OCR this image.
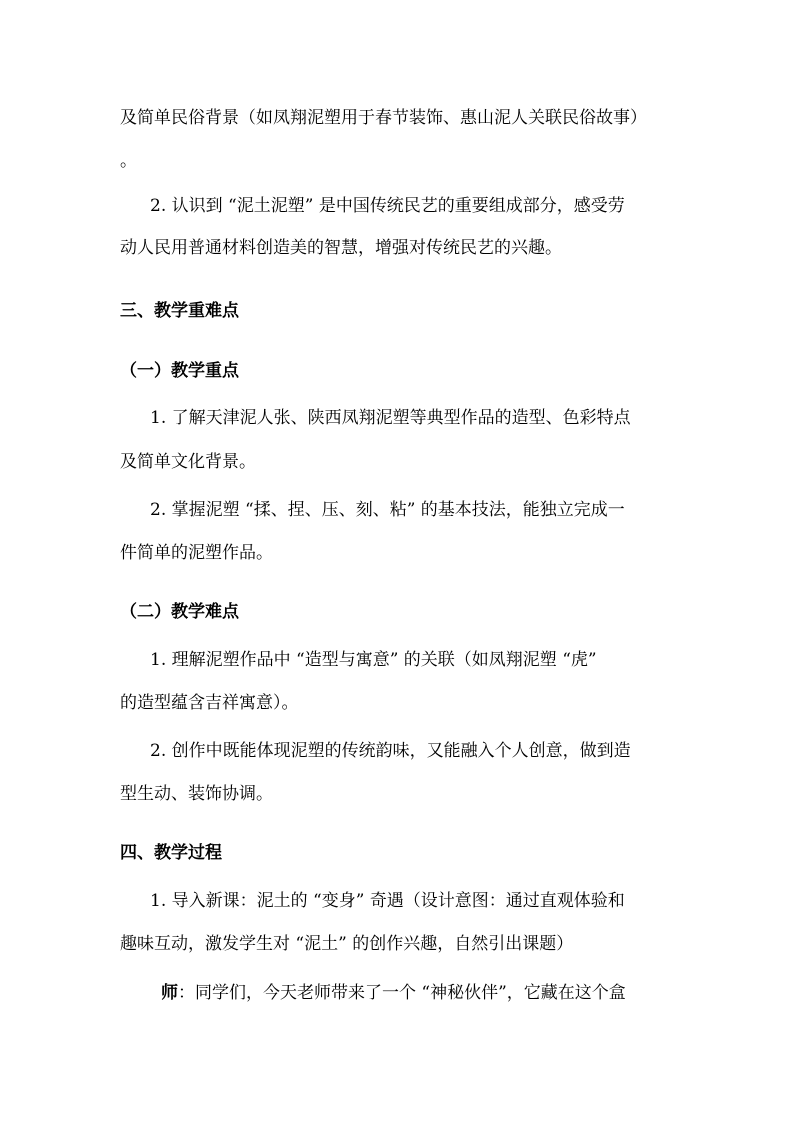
及简单民俗背景（如凤翔泥塑用于春节装饰、惠山泥人关联民俗故事）
。
2. 认识到 “泥土泥塑” 是中国传统民艺的重要组成部分，感受劳
动人民用普通材料创造美的智慧，增强对传统民艺的兴趣。
三、教学重难点
（一）教学重点
1. 了解天津泥人张、陕西凤翔泥塑等典型作品的造型、色彩特点
及简单文化背景。
2. 掌握泥塑 “揉、捏、压、刻、粘” 的基本技法，能独立完成一
件简单的泥塑作品。
（二）教学难点
1. 理解泥塑作品中 “造型与寓意” 的关联（如凤翔泥塑 “虎”
的造型蕴含吉祥寓意）。
2. 创作中既能体现泥塑的传统韵味，又能融入个人创意，做到造
型生动、装饰协调。
四、教学过程
1. 导入新课：泥土的 “变身” 奇遇（设计意图：通过直观体验和
趣味互动，激发学生对 “泥土” 的创作兴趣，自然引出课题）
师：同学们，今天老师带来了一个 “神秘伙伴”，它藏在这个盒
